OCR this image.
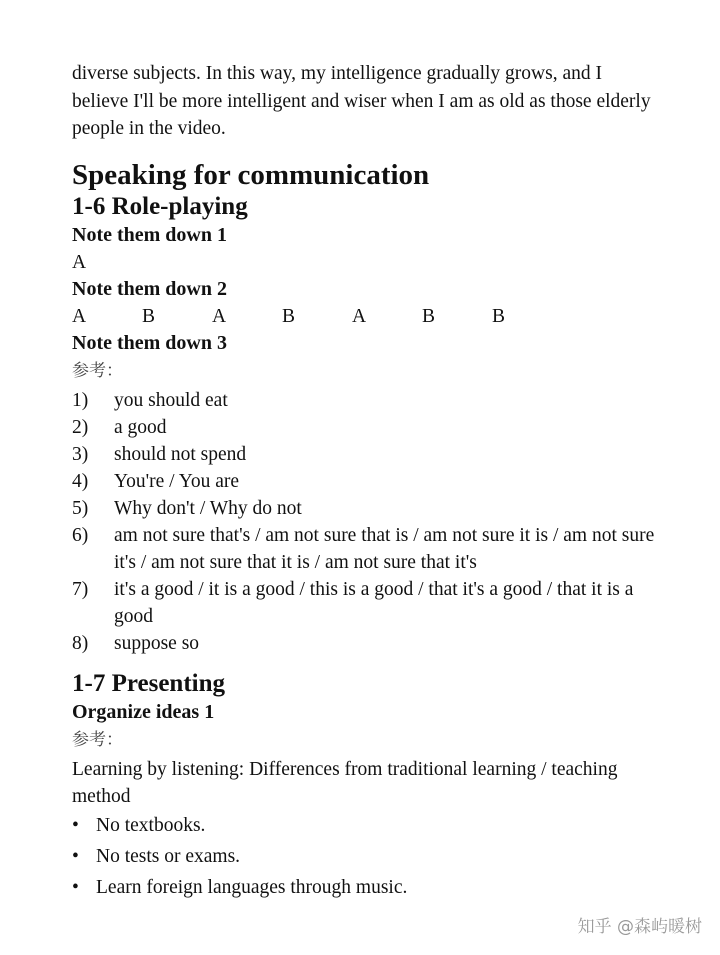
diverse subjects. In this way, my intelligence gradually grows, and I believe I'll be more intelligent and wiser when I am as old as those elderly people in the video.

Speaking for communication
1-6 Role-playing
Note them down 1

A

Note them down 2
A	B	A	B	A	B	B
Note them down 3

参考：

1)	you should eat
2)	a good
3)	should not spend
4)	You're / You are
5)	Why don't / Why do not
6)	am not sure that's / am not sure that is / am not sure it is / am not sure it's / am not sure that it is / am not sure that it's
7)	it's a good / it is a good / this is a good / that it's a good / that it is a good
8)	suppose so
1-7 Presenting
Organize ideas 1

参考：

Learning by listening: Differences from traditional learning / teaching method

• No textbooks.
• No tests or exams.
• Learn foreign languages through music.
知乎 @森屿暖树
